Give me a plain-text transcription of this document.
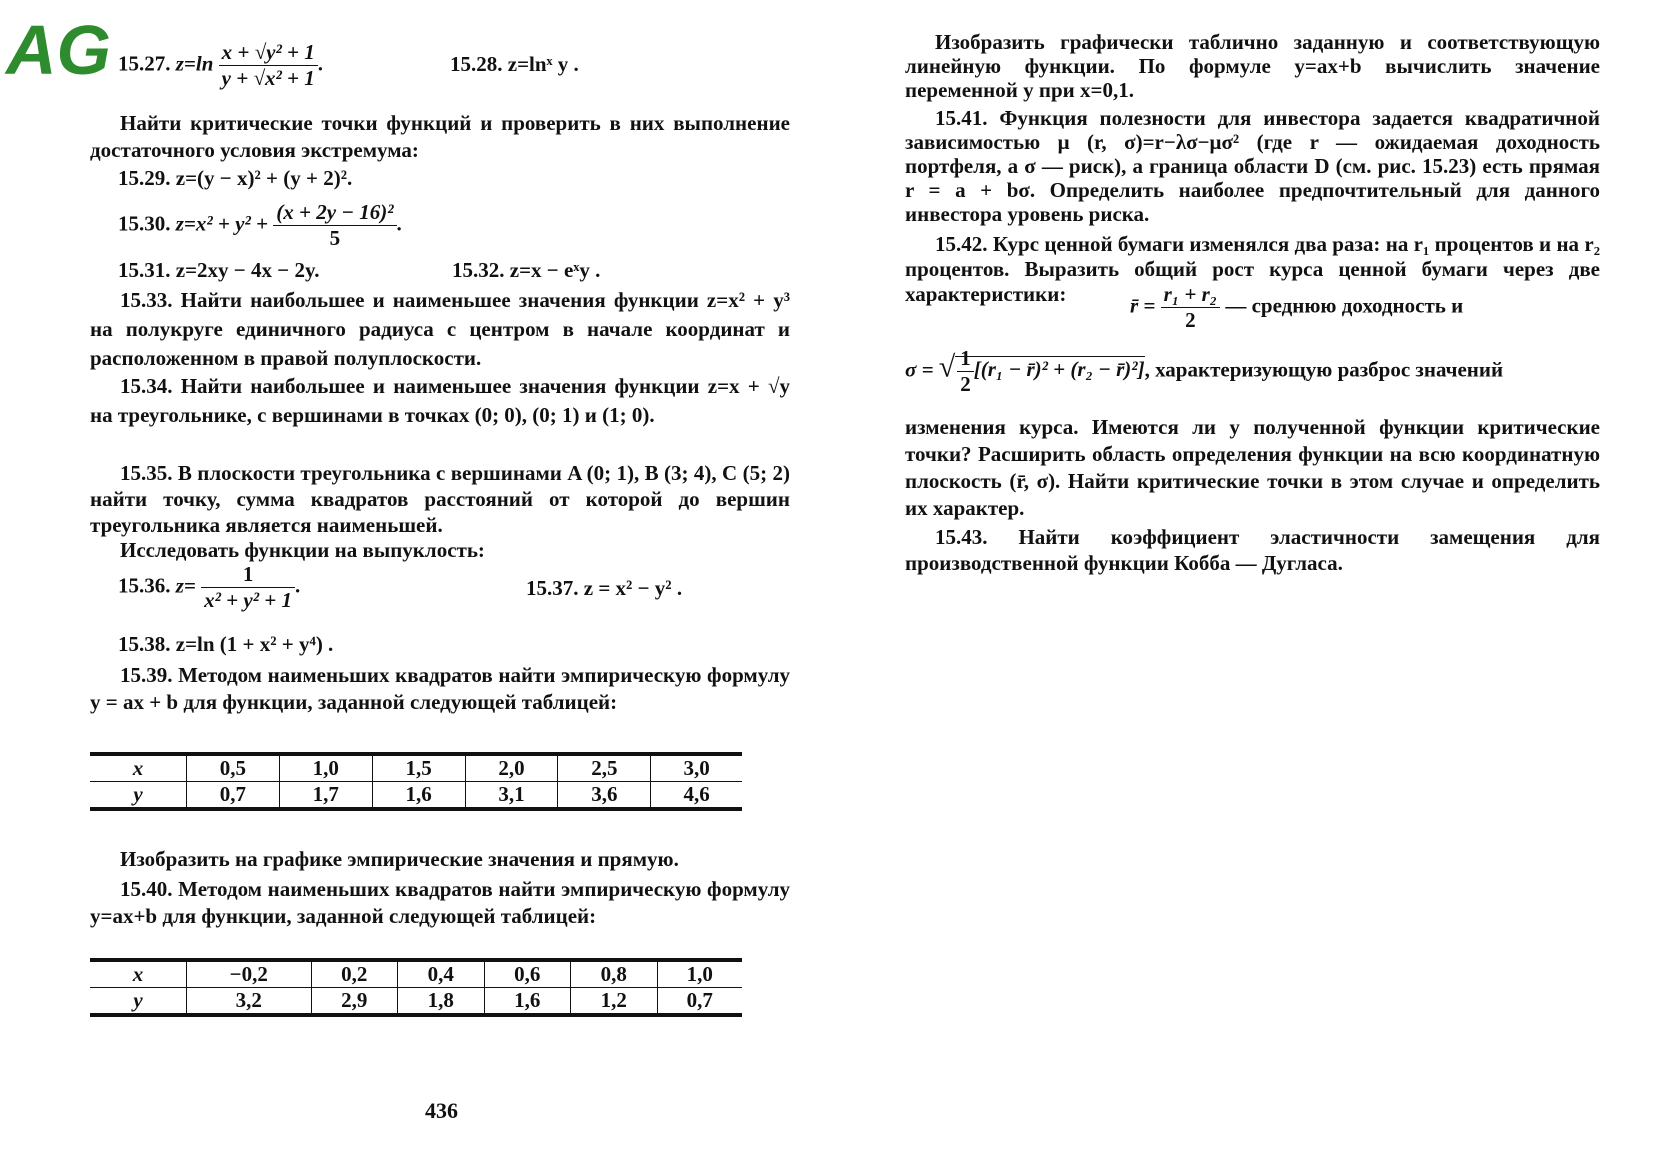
AG 15.27. $z=\ln \frac{\text{x + √y² + 1}}{\text{y + √x² + 1}}$ .	15.28. z=lnˣ y .
Найти критические точки функций и проверить в них выполнение достаточного условия экстремума:
15.29. z=(y − x)² + (y + 2)².
15.30. $z=x^2 + y^2 + \frac{\text{(x + 2y − 16)²}}{5}$ .
15.31. z=2xy − 4x − 2y.	15.32. z=x − eˣy .
15.33. Найти наибольшее и наименьшее значения функции z=x² + y³ на полукруге единичного радиуса с центром в начале координат и расположенном в правой полуплоскости.
15.34. Найти наибольшее и наименьшее значения функции z=x + √y на треугольнике, с вершинами в точках (0; 0), (0; 1) и (1; 0).
15.35. В плоскости треугольника с вершинами A (0; 1), B (3; 4), C (5; 2) найти точку, сумма квадратов расстояний от которой до вершин треугольника является наименьшей.
Исследовать функции на выпуклость:
15.36. $z= \frac{1}{\text{x² + y² + 1}}$ .	15.37. z = x² − y² .
15.38. z=ln (1 + x² + y⁴) .
15.39. Методом наименьших квадратов найти эмпирическую формулу y = ax + b для функции, заданной следующей таблицей:
x	0,5	1,0	1,5	2,0	2,5	3,0
y	0,7	1,7	1,6	3,1	3,6	4,6
Изобразить на графике эмпирические значения и прямую.
15.40. Методом наименьших квадратов найти эмпирическую формулу y=ax+b для функции, заданной следующей таблицей:
x	−0,2	0,2	0,4	0,6	0,8	1,0
y	3,2	2,9	1,8	1,6	1,2	0,7
436
Изобразить графически таблично заданную и соответствующую линейную функции. По формуле y=ax+b вычислить значение переменной y при x=0,1.
15.41. Функция полезности для инвестора задается квадратичной зависимостью μ (r, σ)=r−λσ−μσ² (где r — ожидаемая доходность портфеля, а σ — риск), а граница области D (см. рис. 15.23) есть прямая r = a + bσ. Определить наиболее предпочтительный для данного инвестора уровень риска.
15.42. Курс ценной бумаги изменялся два раза: на r₁ процентов и на r₂ процентов. Выразить общий рост курса ценной бумаги через две характеристики:	r̄ = $\frac{\text{r₁ + r₂}}{2}$ — среднюю доходность и
σ = √ $\frac{1}{2} [(r_1$ − r̄)² + (r₂ − r̄)²], характеризующую разброс значений
изменения курса. Имеются ли у полученной функции критические точки? Расширить область определения функции на всю координатную плоскость (r̄, σ). Найти критические точки в этом случае и определить их характер.
15.43. Найти коэффициент эластичности замещения для производственной функции Кобба — Дугласа.
